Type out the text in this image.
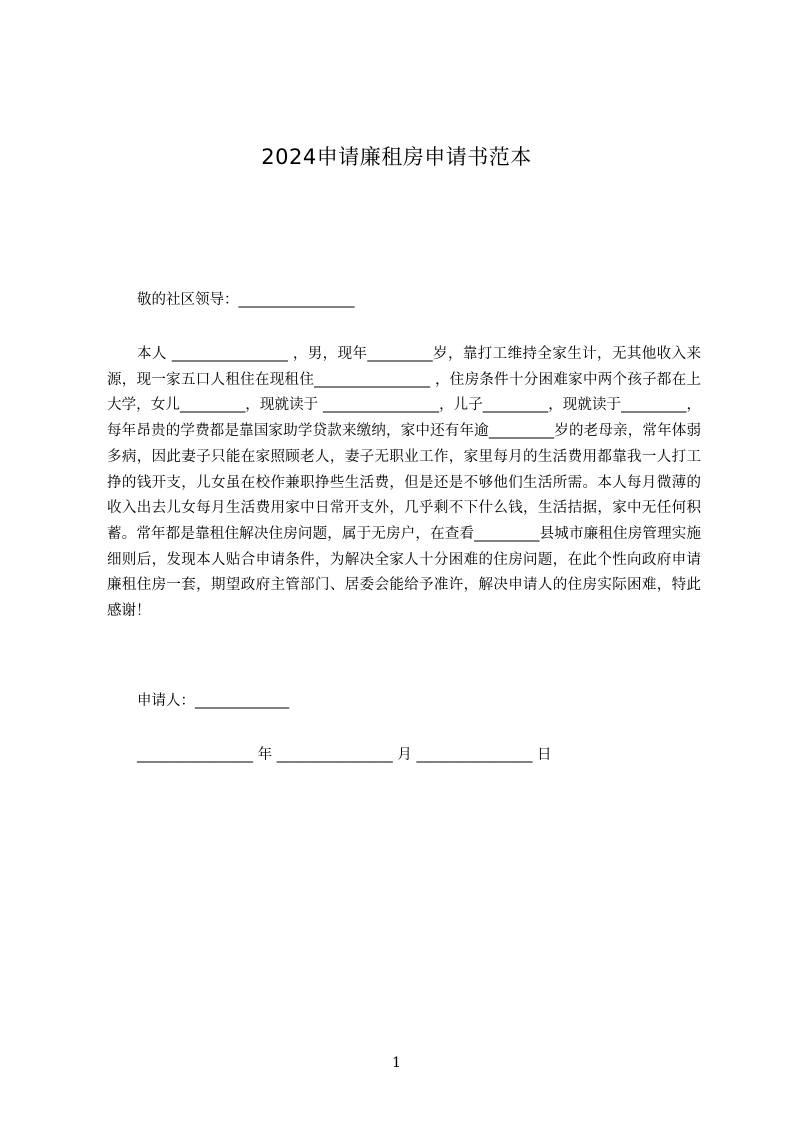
2024申请廉租房申请书范本
敬的社区领导：________________
本人 ________________ ，男，现年_________岁，靠打工维持全家生计，无其他收入来源，现一家五口人租住在现租住________________ ，住房条件十分困难家中两个孩子都在上大学，女儿_________，现就读于 ________________，儿子_________，现就读于_________，每年昂贵的学费都是靠国家助学贷款来缴纳，家中还有年逾_________岁的老母亲，常年体弱多病，因此妻子只能在家照顾老人，妻子无职业工作，家里每月的生活费用都靠我一人打工挣的钱开支，儿女虽在校作兼职挣些生活费，但是还是不够他们生活所需。本人每月微薄的收入出去儿女每月生活费用家中日常开支外，几乎剩不下什么钱，生活拮据，家中无任何积蓄。常年都是靠租住解决住房问题，属于无房户，在查看_________县城市廉租住房管理实施细则后，发现本人贴合申请条件，为解决全家人十分困难的住房问题，在此个性向政府申请廉租住房一套，期望政府主管部门、居委会能给予准许，解决申请人的住房实际困难，特此感谢！
申请人：_____________
________________ 年 ________________ 月 ________________ 日
1
